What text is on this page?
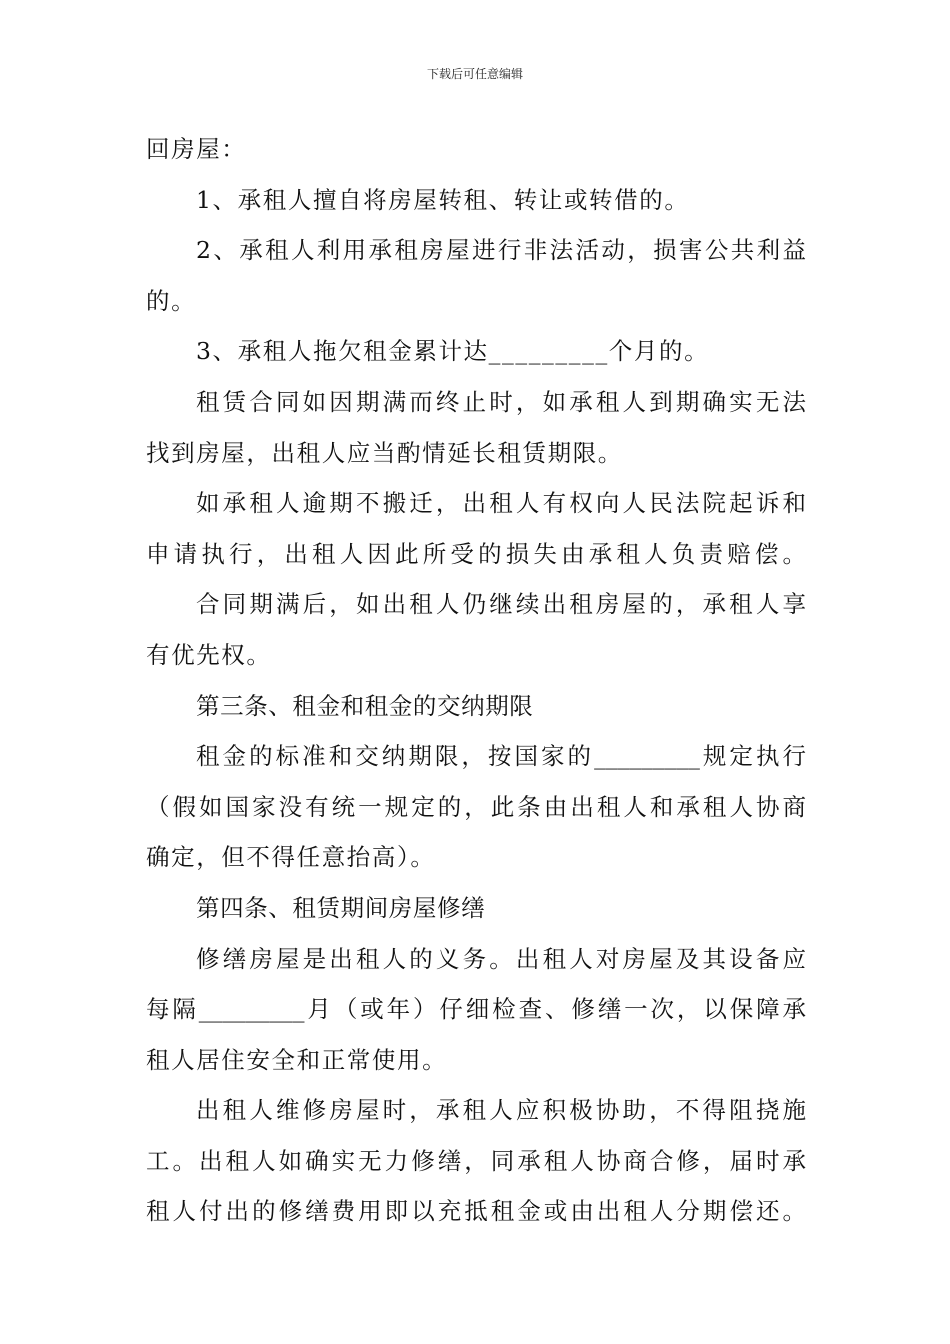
下载后可任意编辑
回房屋：
1、承租人擅自将房屋转租、转让或转借的。
2、承租人利用承租房屋进行非法活动，损害公共利益
的。
3、承租人拖欠租金累计达_________个月的。
租赁合同如因期满而终止时，如承租人到期确实无法
找到房屋，出租人应当酌情延长租赁期限。
如承租人逾期不搬迁，出租人有权向人民法院起诉和
申请执行，出租人因此所受的损失由承租人负责赔偿。
合同期满后，如出租人仍继续出租房屋的，承租人享
有优先权。
第三条、租金和租金的交纳期限
租金的标准和交纳期限，按国家的_________规定执行
（假如国家没有统一规定的，此条由出租人和承租人协商
确定，但不得任意抬高）。
第四条、租赁期间房屋修缮
修缮房屋是出租人的义务。出租人对房屋及其设备应
每隔_________月（或年）仔细检查、修缮一次，以保障承
租人居住安全和正常使用。
出租人维修房屋时，承租人应积极协助，不得阻挠施
工。出租人如确实无力修缮，同承租人协商合修，届时承
租人付出的修缮费用即以充抵租金或由出租人分期偿还。
